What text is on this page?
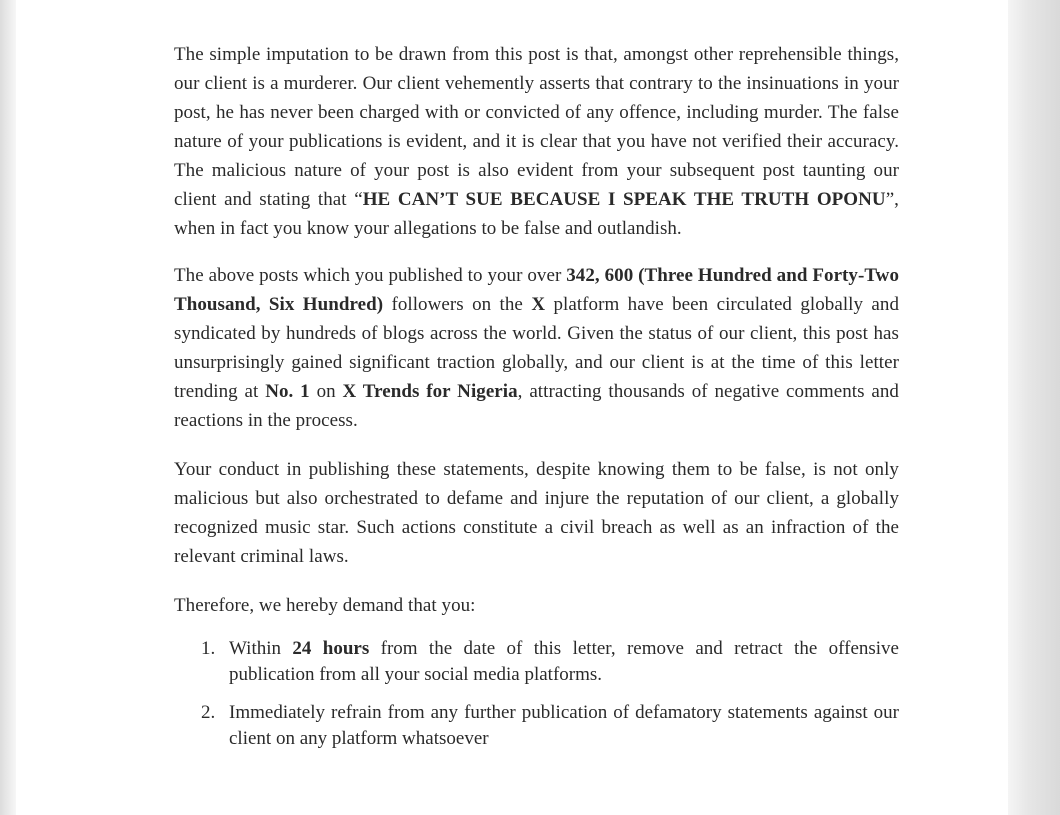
The simple imputation to be drawn from this post is that, amongst other reprehensible things, our client is a murderer. Our client vehemently asserts that contrary to the insinuations in your post, he has never been charged with or convicted of any offence, including murder. The false nature of your publications is evident, and it is clear that you have not verified their accuracy. The malicious nature of your post is also evident from your subsequent post taunting our client and stating that “HE CAN’T SUE BECAUSE I SPEAK THE TRUTH OPONU”, when in fact you know your allegations to be false and outlandish.

The above posts which you published to your over 342, 600 (Three Hundred and Forty-Two Thousand, Six Hundred) followers on the X platform have been circulated globally and syndicated by hundreds of blogs across the world. Given the status of our client, this post has unsurprisingly gained significant traction globally, and our client is at the time of this letter trending at No. 1 on X Trends for Nigeria, attracting thousands of negative comments and reactions in the process.

Your conduct in publishing these statements, despite knowing them to be false, is not only malicious but also orchestrated to defame and injure the reputation of our client, a globally recognized music star. Such actions constitute a civil breach as well as an infraction of the relevant criminal laws.

Therefore, we hereby demand that you:

1. Within 24 hours from the date of this letter, remove and retract the offensive publication from all your social media platforms.
2. Immediately refrain from any further publication of defamatory statements against our client on any platform whatsoever
